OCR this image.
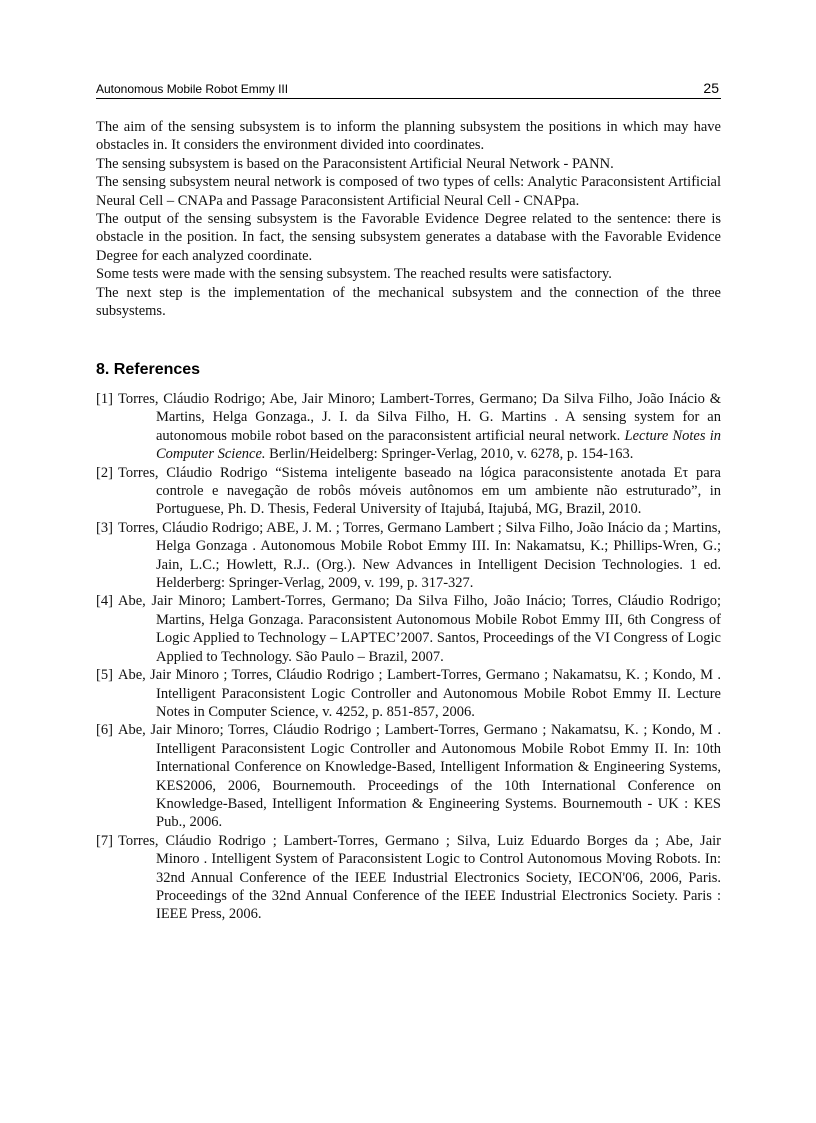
Autonomous Mobile Robot Emmy III	25

The aim of the sensing subsystem is to inform the planning subsystem the positions in which may have obstacles in. It considers the environment divided into coordinates.

The sensing subsystem is based on the Paraconsistent Artificial Neural Network - PANN.

The sensing subsystem neural network is composed of two types of cells: Analytic Paraconsistent Artificial Neural Cell – CNAPa and Passage Paraconsistent Artificial Neural Cell - CNAPpa.

The output of the sensing subsystem is the Favorable Evidence Degree related to the sentence: there is obstacle in the position. In fact, the sensing subsystem generates a database with the Favorable Evidence Degree for each analyzed coordinate.

Some tests were made with the sensing subsystem. The reached results were satisfactory.

The next step is the implementation of the mechanical subsystem and the connection of the three subsystems.

8. References
[1] Torres, Cláudio Rodrigo; Abe, Jair Minoro; Lambert-Torres, Germano; Da Silva Filho, João Inácio & Martins, Helga Gonzaga., J. I. da Silva Filho, H. G. Martins . A sensing system for an autonomous mobile robot based on the paraconsistent artificial neural network. Lecture Notes in Computer Science. Berlin/Heidelberg: Springer-Verlag, 2010, v. 6278, p. 154-163.
[2] Torres, Cláudio Rodrigo “Sistema inteligente baseado na lógica paraconsistente anotada Eτ para controle e navegação de robôs móveis autônomos em um ambiente não estruturado”, in Portuguese, Ph. D. Thesis, Federal University of Itajubá, Itajubá, MG, Brazil, 2010.
[3] Torres, Cláudio Rodrigo; ABE, J. M. ; Torres, Germano Lambert ; Silva Filho, João Inácio da ; Martins, Helga Gonzaga . Autonomous Mobile Robot Emmy III. In: Nakamatsu, K.; Phillips-Wren, G.; Jain, L.C.; Howlett, R.J.. (Org.). New Advances in Intelligent Decision Technologies. 1 ed. Helderberg: Springer-Verlag, 2009, v. 199, p. 317-327.
[4] Abe, Jair Minoro; Lambert-Torres, Germano; Da Silva Filho, João Inácio; Torres, Cláudio Rodrigo; Martins, Helga Gonzaga. Paraconsistent Autonomous Mobile Robot Emmy III, 6th Congress of Logic Applied to Technology – LAPTEC’2007. Santos, Proceedings of the VI Congress of Logic Applied to Technology. São Paulo – Brazil, 2007.
[5] Abe, Jair Minoro ; Torres, Cláudio Rodrigo ; Lambert-Torres, Germano ; Nakamatsu, K. ; Kondo, M . Intelligent Paraconsistent Logic Controller and Autonomous Mobile Robot Emmy II. Lecture Notes in Computer Science, v. 4252, p. 851-857, 2006.
[6] Abe, Jair Minoro; Torres, Cláudio Rodrigo ; Lambert-Torres, Germano ; Nakamatsu, K. ; Kondo, M . Intelligent Paraconsistent Logic Controller and Autonomous Mobile Robot Emmy II. In: 10th International Conference on Knowledge-Based, Intelligent Information & Engineering Systems, KES2006, 2006, Bournemouth. Proceedings of the 10th International Conference on Knowledge-Based, Intelligent Information & Engineering Systems. Bournemouth - UK : KES Pub., 2006.
[7] Torres, Cláudio Rodrigo ; Lambert-Torres, Germano ; Silva, Luiz Eduardo Borges da ; Abe, Jair Minoro . Intelligent System of Paraconsistent Logic to Control Autonomous Moving Robots. In: 32nd Annual Conference of the IEEE Industrial Electronics Society, IECON'06, 2006, Paris. Proceedings of the 32nd Annual Conference of the IEEE Industrial Electronics Society. Paris : IEEE Press, 2006.
